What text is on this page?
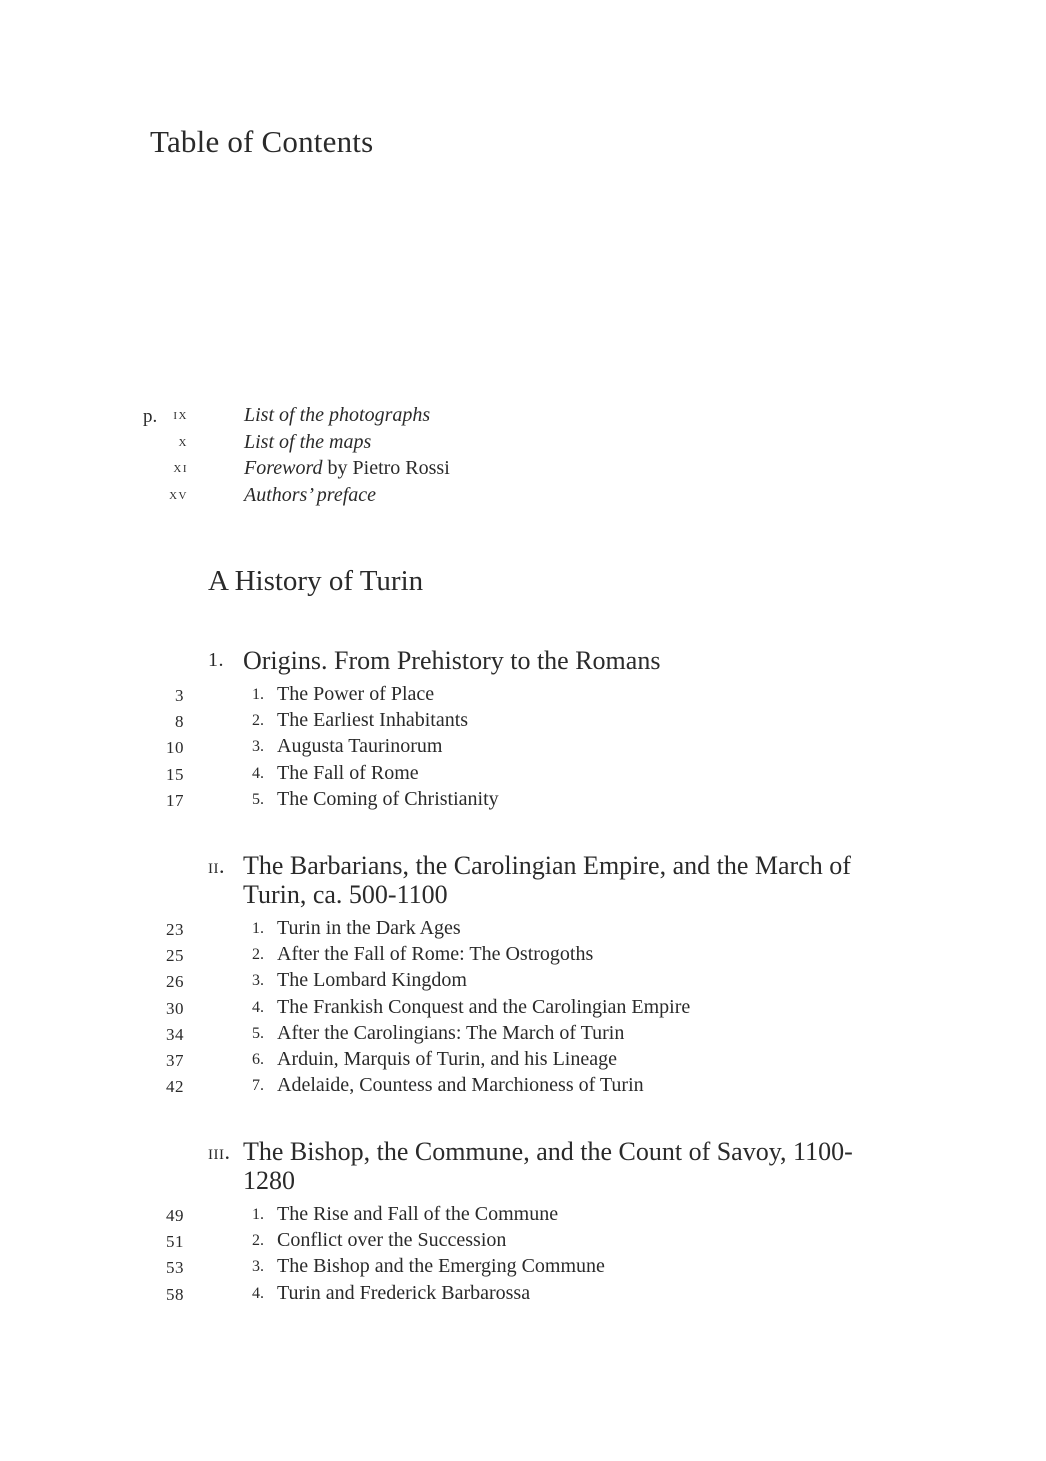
Table of Contents
p. ix	List of the photographs
x	List of the maps
xi	Foreword by Pietro Rossi
xv	Authors’ preface
A History of Turin
1. Origins. From Prehistory to the Romans
3	1. The Power of Place
8	2. The Earliest Inhabitants
10	3. Augusta Taurinorum
15	4. The Fall of Rome
17	5. The Coming of Christianity
ii. The Barbarians, the Carolingian Empire, and the March of Turin, ca. 500-1100
23	1. Turin in the Dark Ages
25	2. After the Fall of Rome: The Ostrogoths
26	3. The Lombard Kingdom
30	4. The Frankish Conquest and the Carolingian Empire
34	5. After the Carolingians: The March of Turin
37	6. Arduin, Marquis of Turin, and his Lineage
42	7. Adelaide, Countess and Marchioness of Turin
iii. The Bishop, the Commune, and the Count of Savoy, 1100-1280
49	1. The Rise and Fall of the Commune
51	2. Conflict over the Succession
53	3. The Bishop and the Emerging Commune
58	4. Turin and Frederick Barbarossa
